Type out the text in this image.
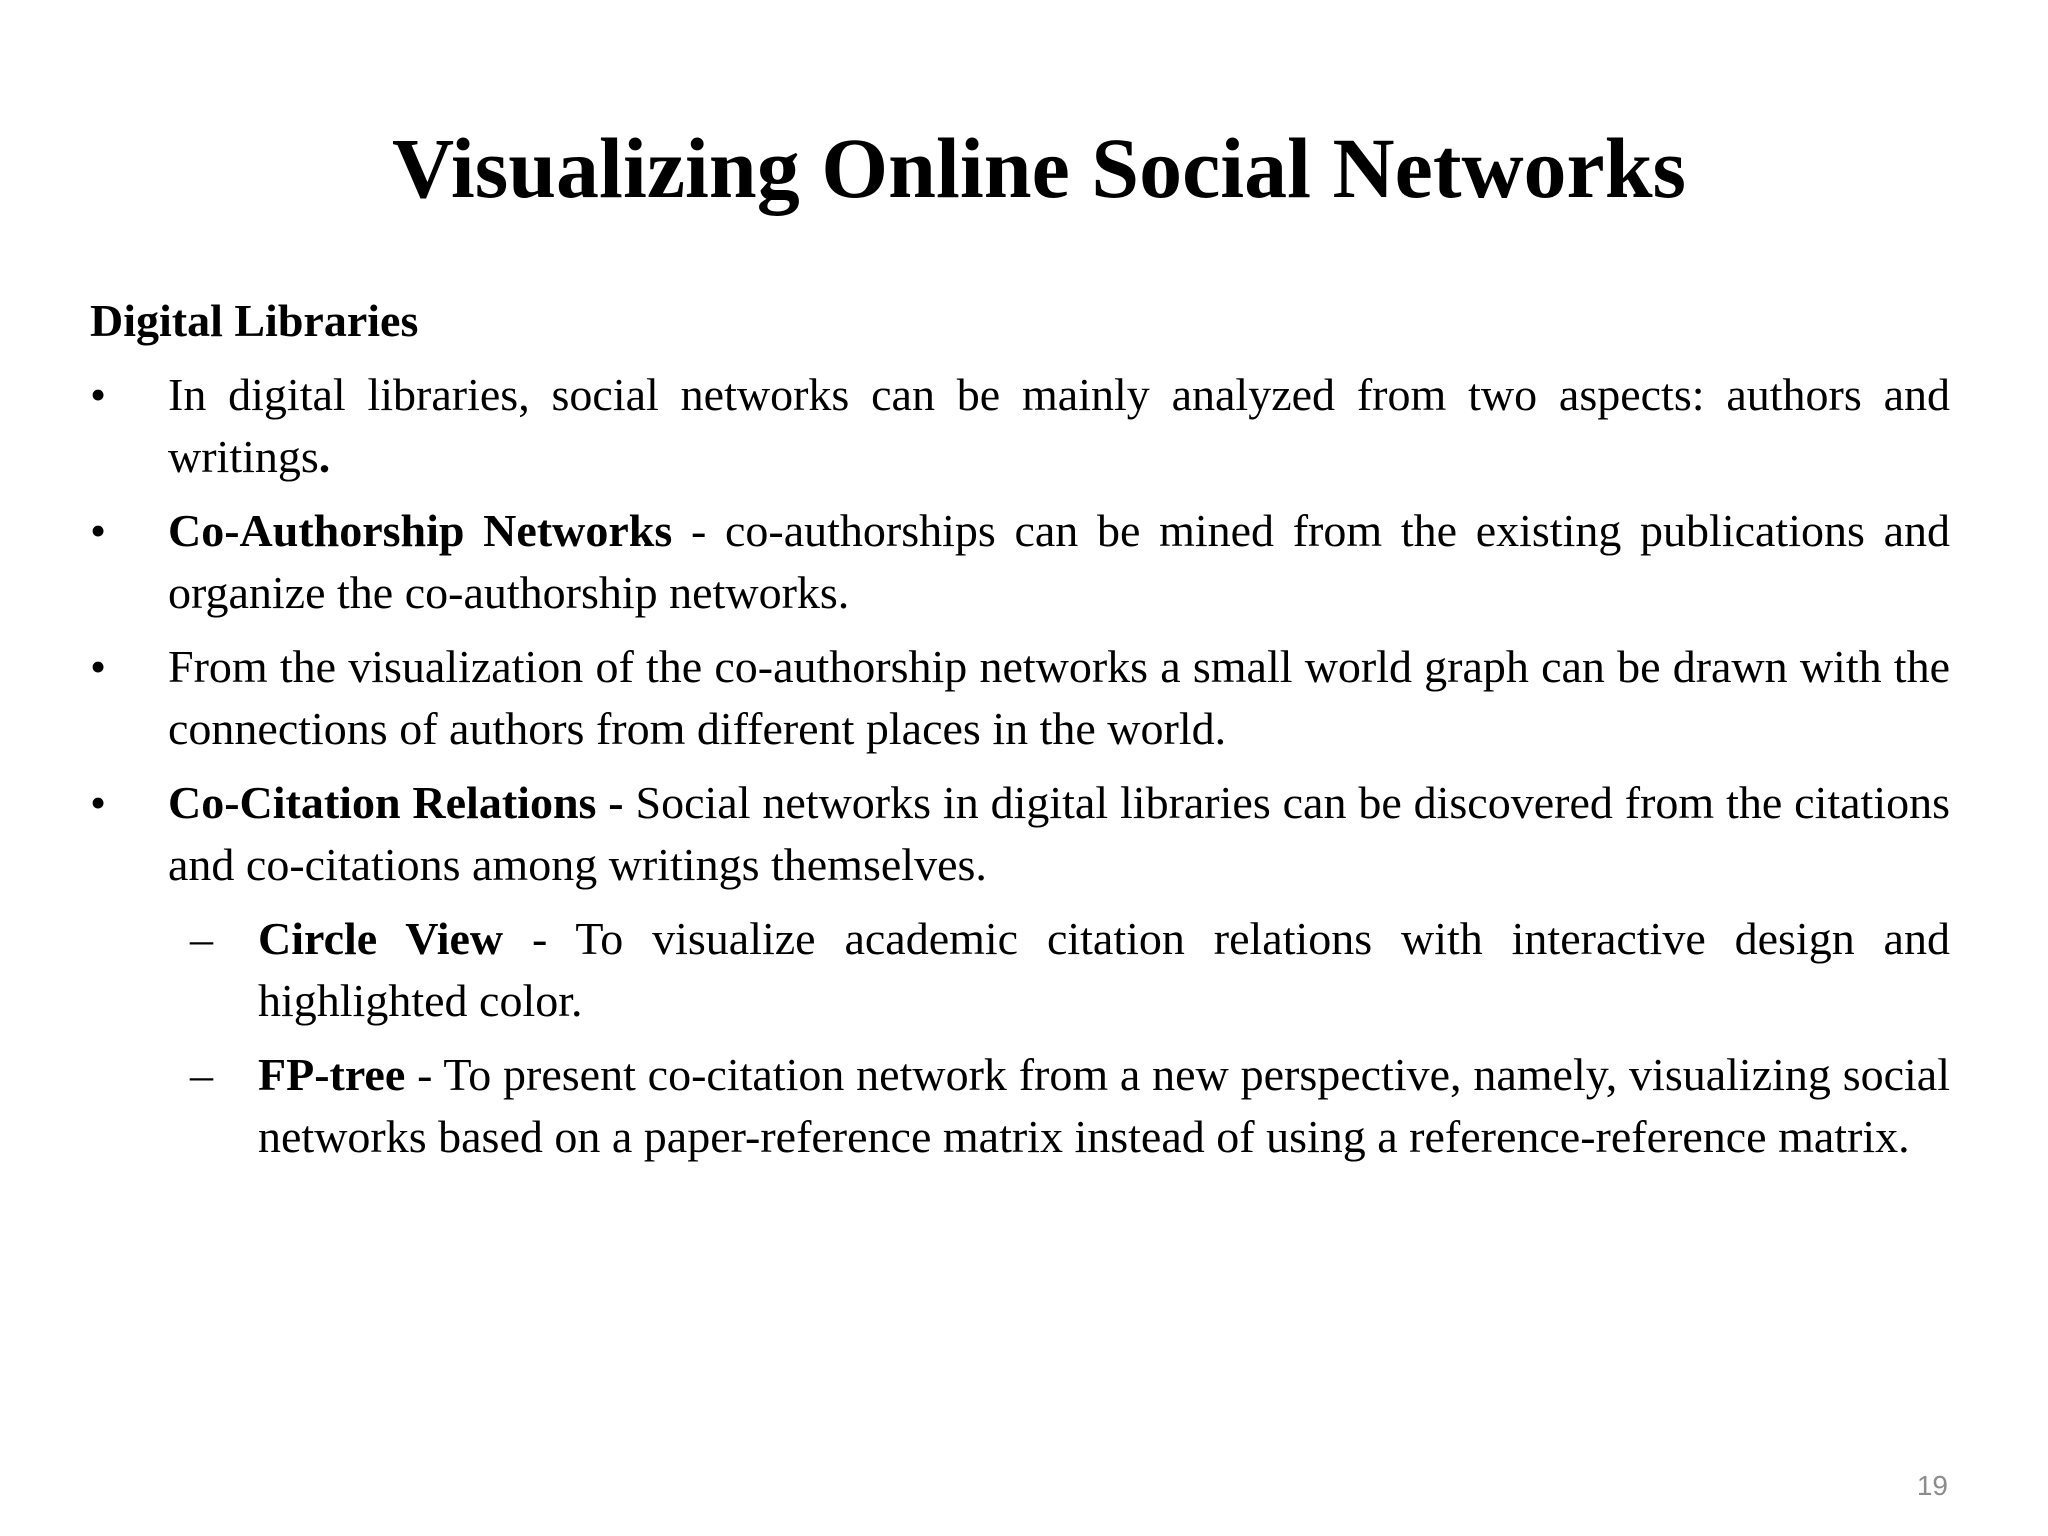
Visualizing Online Social Networks
Digital Libraries
• In digital libraries, social networks can be mainly analyzed from two aspects: authors and writings.
• Co-Authorship Networks - co-authorships can be mined from the existing publications and organize the co-authorship networks.
• From the visualization of the co-authorship networks a small world graph can be drawn with the connections of authors from different places in the world.
• Co-Citation Relations - Social networks in digital libraries can be discovered from the citations and co-citations among writings themselves.
– Circle View - To visualize academic citation relations with interactive design and highlighted color.
– FP-tree - To present co-citation network from a new perspective, namely, visualizing social networks based on a paper-reference matrix instead of using a reference-reference matrix.
19
